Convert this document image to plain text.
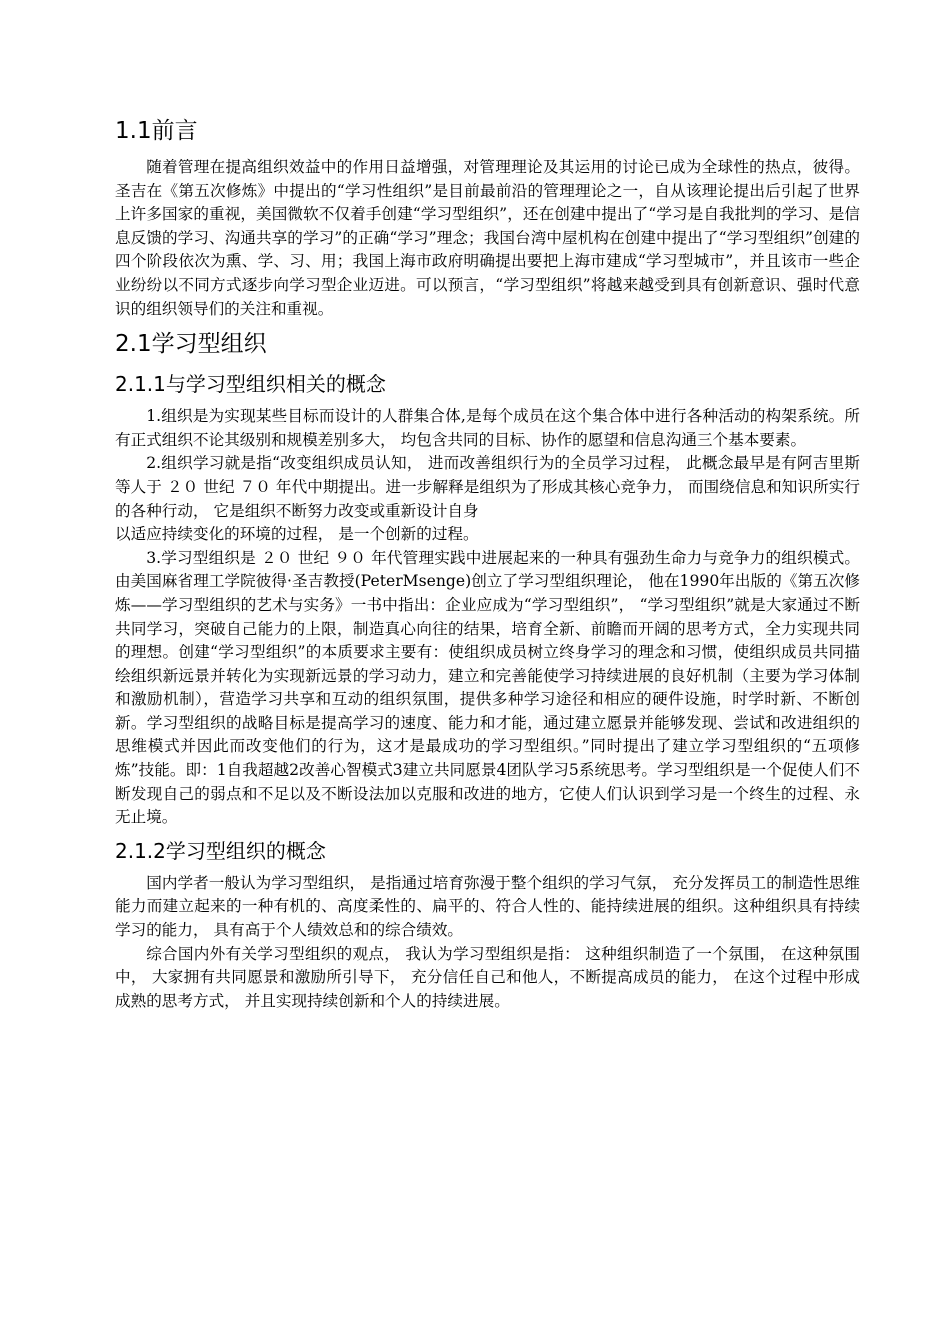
1.1前言

随着管理在提高组织效益中的作用日益增强，对管理理论及其运用的讨论已成为全球性的热点，彼得。圣吉在《第五次修炼》中提出的“学习性组织”是目前最前沿的管理理论之一，自从该理论提出后引起了世界上许多国家的重视，美国微软不仅着手创建“学习型组织”，还在创建中提出了“学习是自我批判的学习、是信息反馈的学习、沟通共享的学习”的正确“学习”理念；我国台湾中屋机构在创建中提出了“学习型组织”创建的四个阶段依次为熏、学、习、用；我国上海市政府明确提出要把上海市建成“学习型城市”，并且该市一些企业纷纷以不同方式逐步向学习型企业迈进。可以预言，“学习型组织”将越来越受到具有创新意识、强时代意识的组织领导们的关注和重视。

2.1学习型组织
2.1.1与学习型组织相关的概念

1.组织是为实现某些目标而设计的人群集合体,是每个成员在这个集合体中进行各种活动的构架系统。所有正式组织不论其级别和规模差别多大， 均包含共同的目标、协作的愿望和信息沟通三个基本要素。

2.组织学习就是指“改变组织成员认知， 进而改善组织行为的全员学习过程， 此概念最早是有阿吉里斯等人于 ２０ 世纪 ７０ 年代中期提出。进一步解释是组织为了形成其核心竞争力， 而围绕信息和知识所实行的各种行动， 它是组织不断努力改变或重新设计自身

以适应持续变化的环境的过程， 是一个创新的过程。

3.学习型组织是 ２０ 世纪 ９０ 年代管理实践中进展起来的一种具有强劲生命力与竞争力的组织模式。由美国麻省理工学院彼得·圣吉教授(PeterMsenge)创立了学习型组织理论， 他在1990年出版的《第五次修炼——学习型组织的艺术与实务》一书中指出：企业应成为“学习型组织”， “学习型组织”就是大家通过不断共同学习，突破自己能力的上限，制造真心向往的结果，培育全新、前瞻而开阔的思考方式，全力实现共同的理想。创建“学习型组织”的本质要求主要有：使组织成员树立终身学习的理念和习惯，使组织成员共同描绘组织新远景并转化为实现新远景的学习动力，建立和完善能使学习持续进展的良好机制（主要为学习体制和激励机制），营造学习共享和互动的组织氛围，提供多种学习途径和相应的硬件设施，时学时新、不断创新。学习型组织的战略目标是提高学习的速度、能力和才能，通过建立愿景并能够发现、尝试和改进组织的思维模式并因此而改变他们的行为，这才是最成功的学习型组织。”同时提出了建立学习型组织的“五项修炼”技能。即：1自我超越2改善心智模式3建立共同愿景4团队学习5系统思考。学习型组织是一个促使人们不断发现自己的弱点和不足以及不断设法加以克服和改进的地方，它使人们认识到学习是一个终生的过程、永无止境。

2.1.2学习型组织的概念

国内学者一般认为学习型组织， 是指通过培育弥漫于整个组织的学习气氛， 充分发挥员工的制造性思维能力而建立起来的一种有机的、高度柔性的、扁平的、符合人性的、能持续进展的组织。这种组织具有持续学习的能力， 具有高于个人绩效总和的综合绩效。

综合国内外有关学习型组织的观点， 我认为学习型组织是指： 这种组织制造了一个氛围， 在这种氛围中， 大家拥有共同愿景和激励所引导下， 充分信任自己和他人，不断提高成员的能力， 在这个过程中形成成熟的思考方式， 并且实现持续创新和个人的持续进展。
